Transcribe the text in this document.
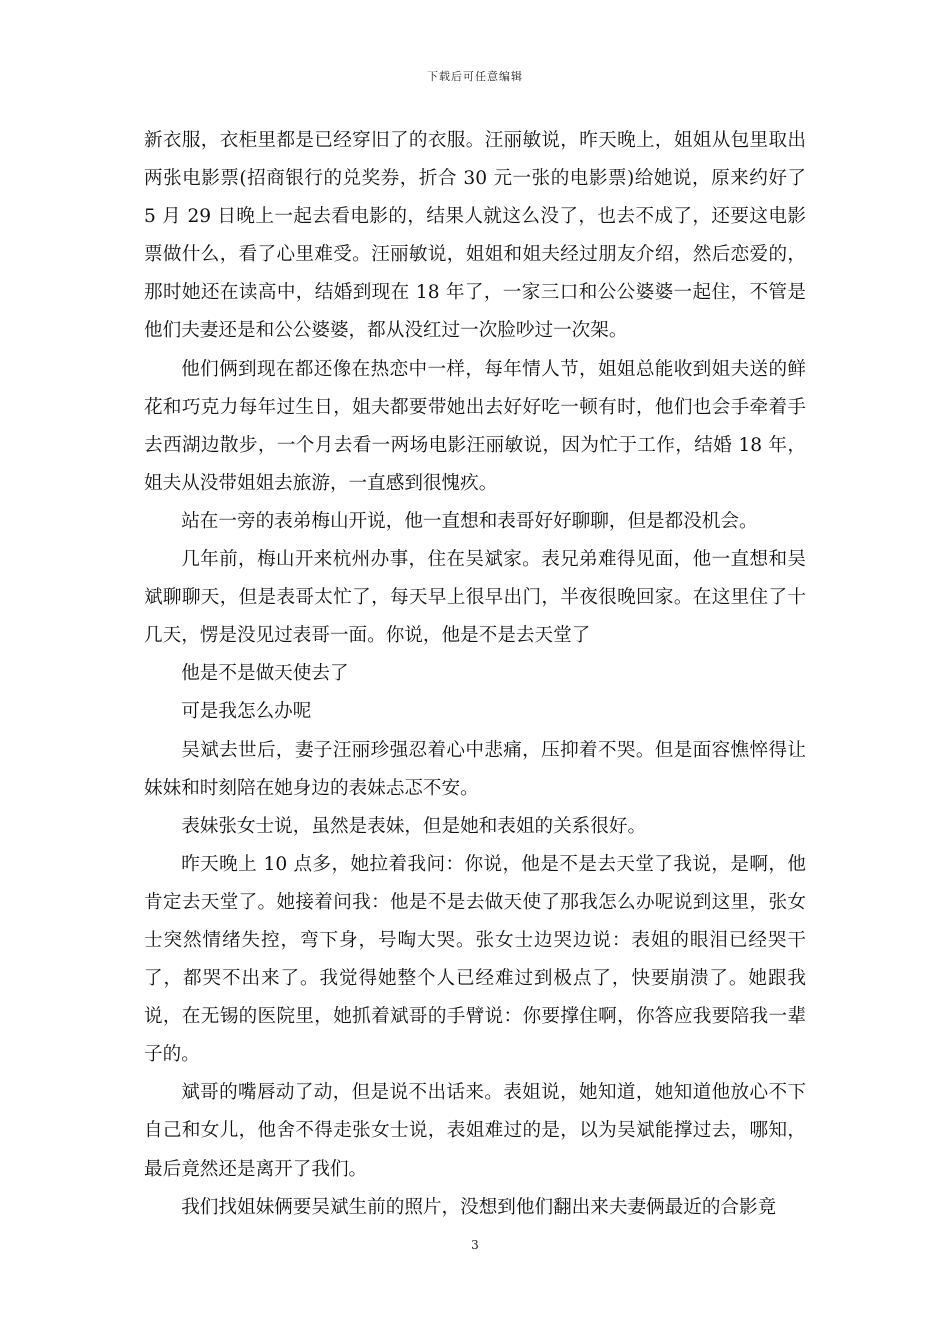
下载后可任意编辑

新衣服，衣柜里都是已经穿旧了的衣服。汪丽敏说，昨天晚上，姐姐从包里取出两张电影票(招商银行的兑奖券，折合 30 元一张的电影票)给她说，原来约好了 5 月 29 日晚上一起去看电影的，结果人就这么没了，也去不成了，还要这电影票做什么，看了心里难受。汪丽敏说，姐姐和姐夫经过朋友介绍，然后恋爱的，那时她还在读高中，结婚到现在 18 年了，一家三口和公公婆婆一起住，不管是他们夫妻还是和公公婆婆，都从没红过一次脸吵过一次架。

他们俩到现在都还像在热恋中一样，每年情人节，姐姐总能收到姐夫送的鲜花和巧克力每年过生日，姐夫都要带她出去好好吃一顿有时，他们也会手牵着手去西湖边散步，一个月去看一两场电影汪丽敏说，因为忙于工作，结婚 18 年，姐夫从没带姐姐去旅游，一直感到很愧疚。

站在一旁的表弟梅山开说，他一直想和表哥好好聊聊，但是都没机会。

几年前，梅山开来杭州办事，住在吴斌家。表兄弟难得见面，他一直想和吴斌聊聊天，但是表哥太忙了，每天早上很早出门，半夜很晚回家。在这里住了十几天，愣是没见过表哥一面。你说，他是不是去天堂了

他是不是做天使去了

可是我怎么办呢

吴斌去世后，妻子汪丽珍强忍着心中悲痛，压抑着不哭。但是面容憔悴得让妹妹和时刻陪在她身边的表妹忐忑不安。

表妹张女士说，虽然是表妹，但是她和表姐的关系很好。

昨天晚上 10 点多，她拉着我问：你说，他是不是去天堂了我说，是啊，他肯定去天堂了。她接着问我：他是不是去做天使了那我怎么办呢说到这里，张女士突然情绪失控，弯下身，号啕大哭。张女士边哭边说：表姐的眼泪已经哭干了，都哭不出来了。我觉得她整个人已经难过到极点了，快要崩溃了。她跟我说，在无锡的医院里，她抓着斌哥的手臂说：你要撑住啊，你答应我要陪我一辈子的。

斌哥的嘴唇动了动，但是说不出话来。表姐说，她知道，她知道他放心不下自己和女儿，他舍不得走张女士说，表姐难过的是，以为吴斌能撑过去，哪知，最后竟然还是离开了我们。

我们找姐妹俩要吴斌生前的照片，没想到他们翻出来夫妻俩最近的合影竟

3
